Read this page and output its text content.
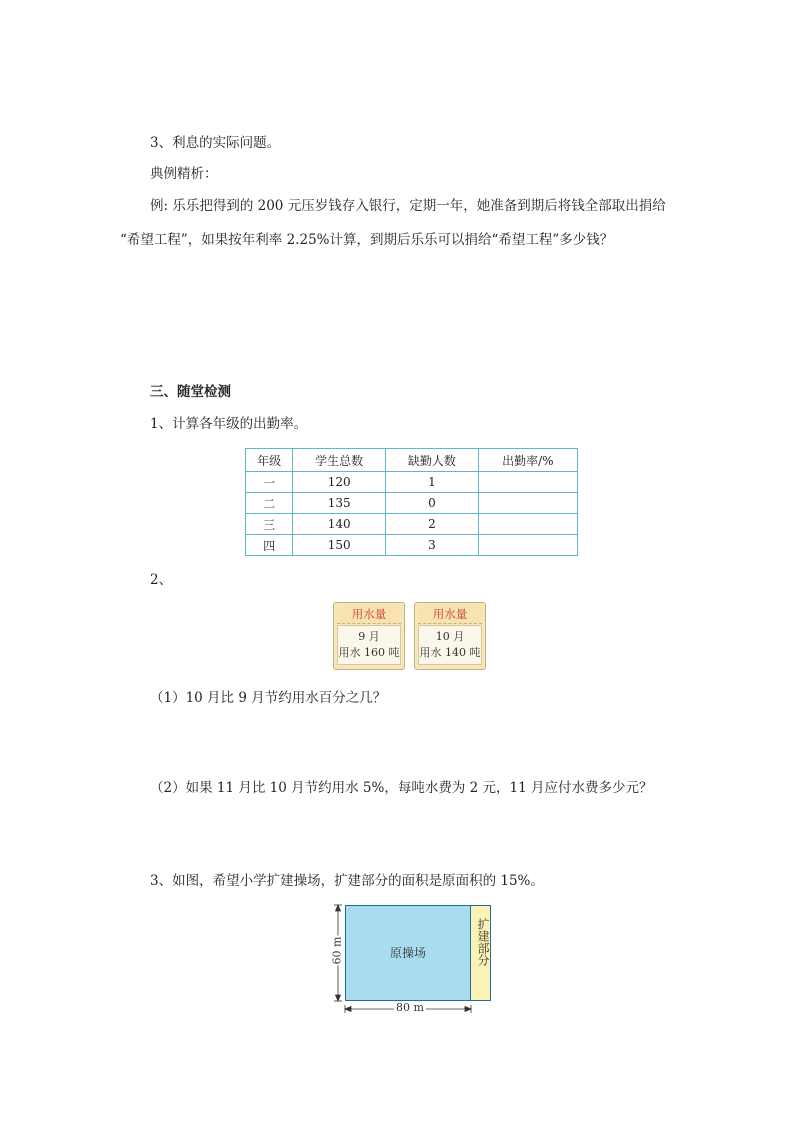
3、利息的实际问题。
典例精析：
例: 乐乐把得到的 200 元压岁钱存入银行，定期一年，她准备到期后将钱全部取出捐给
“希望工程”，如果按年利率 2.25%计算，到期后乐乐可以捐给“希望工程”多少钱？
三、随堂检测
1、计算各年级的出勤率。
年级	学生总数	缺勤人数	出勤率/%
一	120	1	
二	135	0	
三	140	2	
四	150	3	
2、
用水量
9 月
用水 160 吨
用水量
10 月
用水 140 吨
（1）10 月比 9 月节约用水百分之几？
（2）如果 11 月比 10 月节约用水 5%，每吨水费为 2 元，11 月应付水费多少元？
3、如图，希望小学扩建操场，扩建部分的面积是原面积的 15%。
原操场	扩建部分
60 m
80 m
